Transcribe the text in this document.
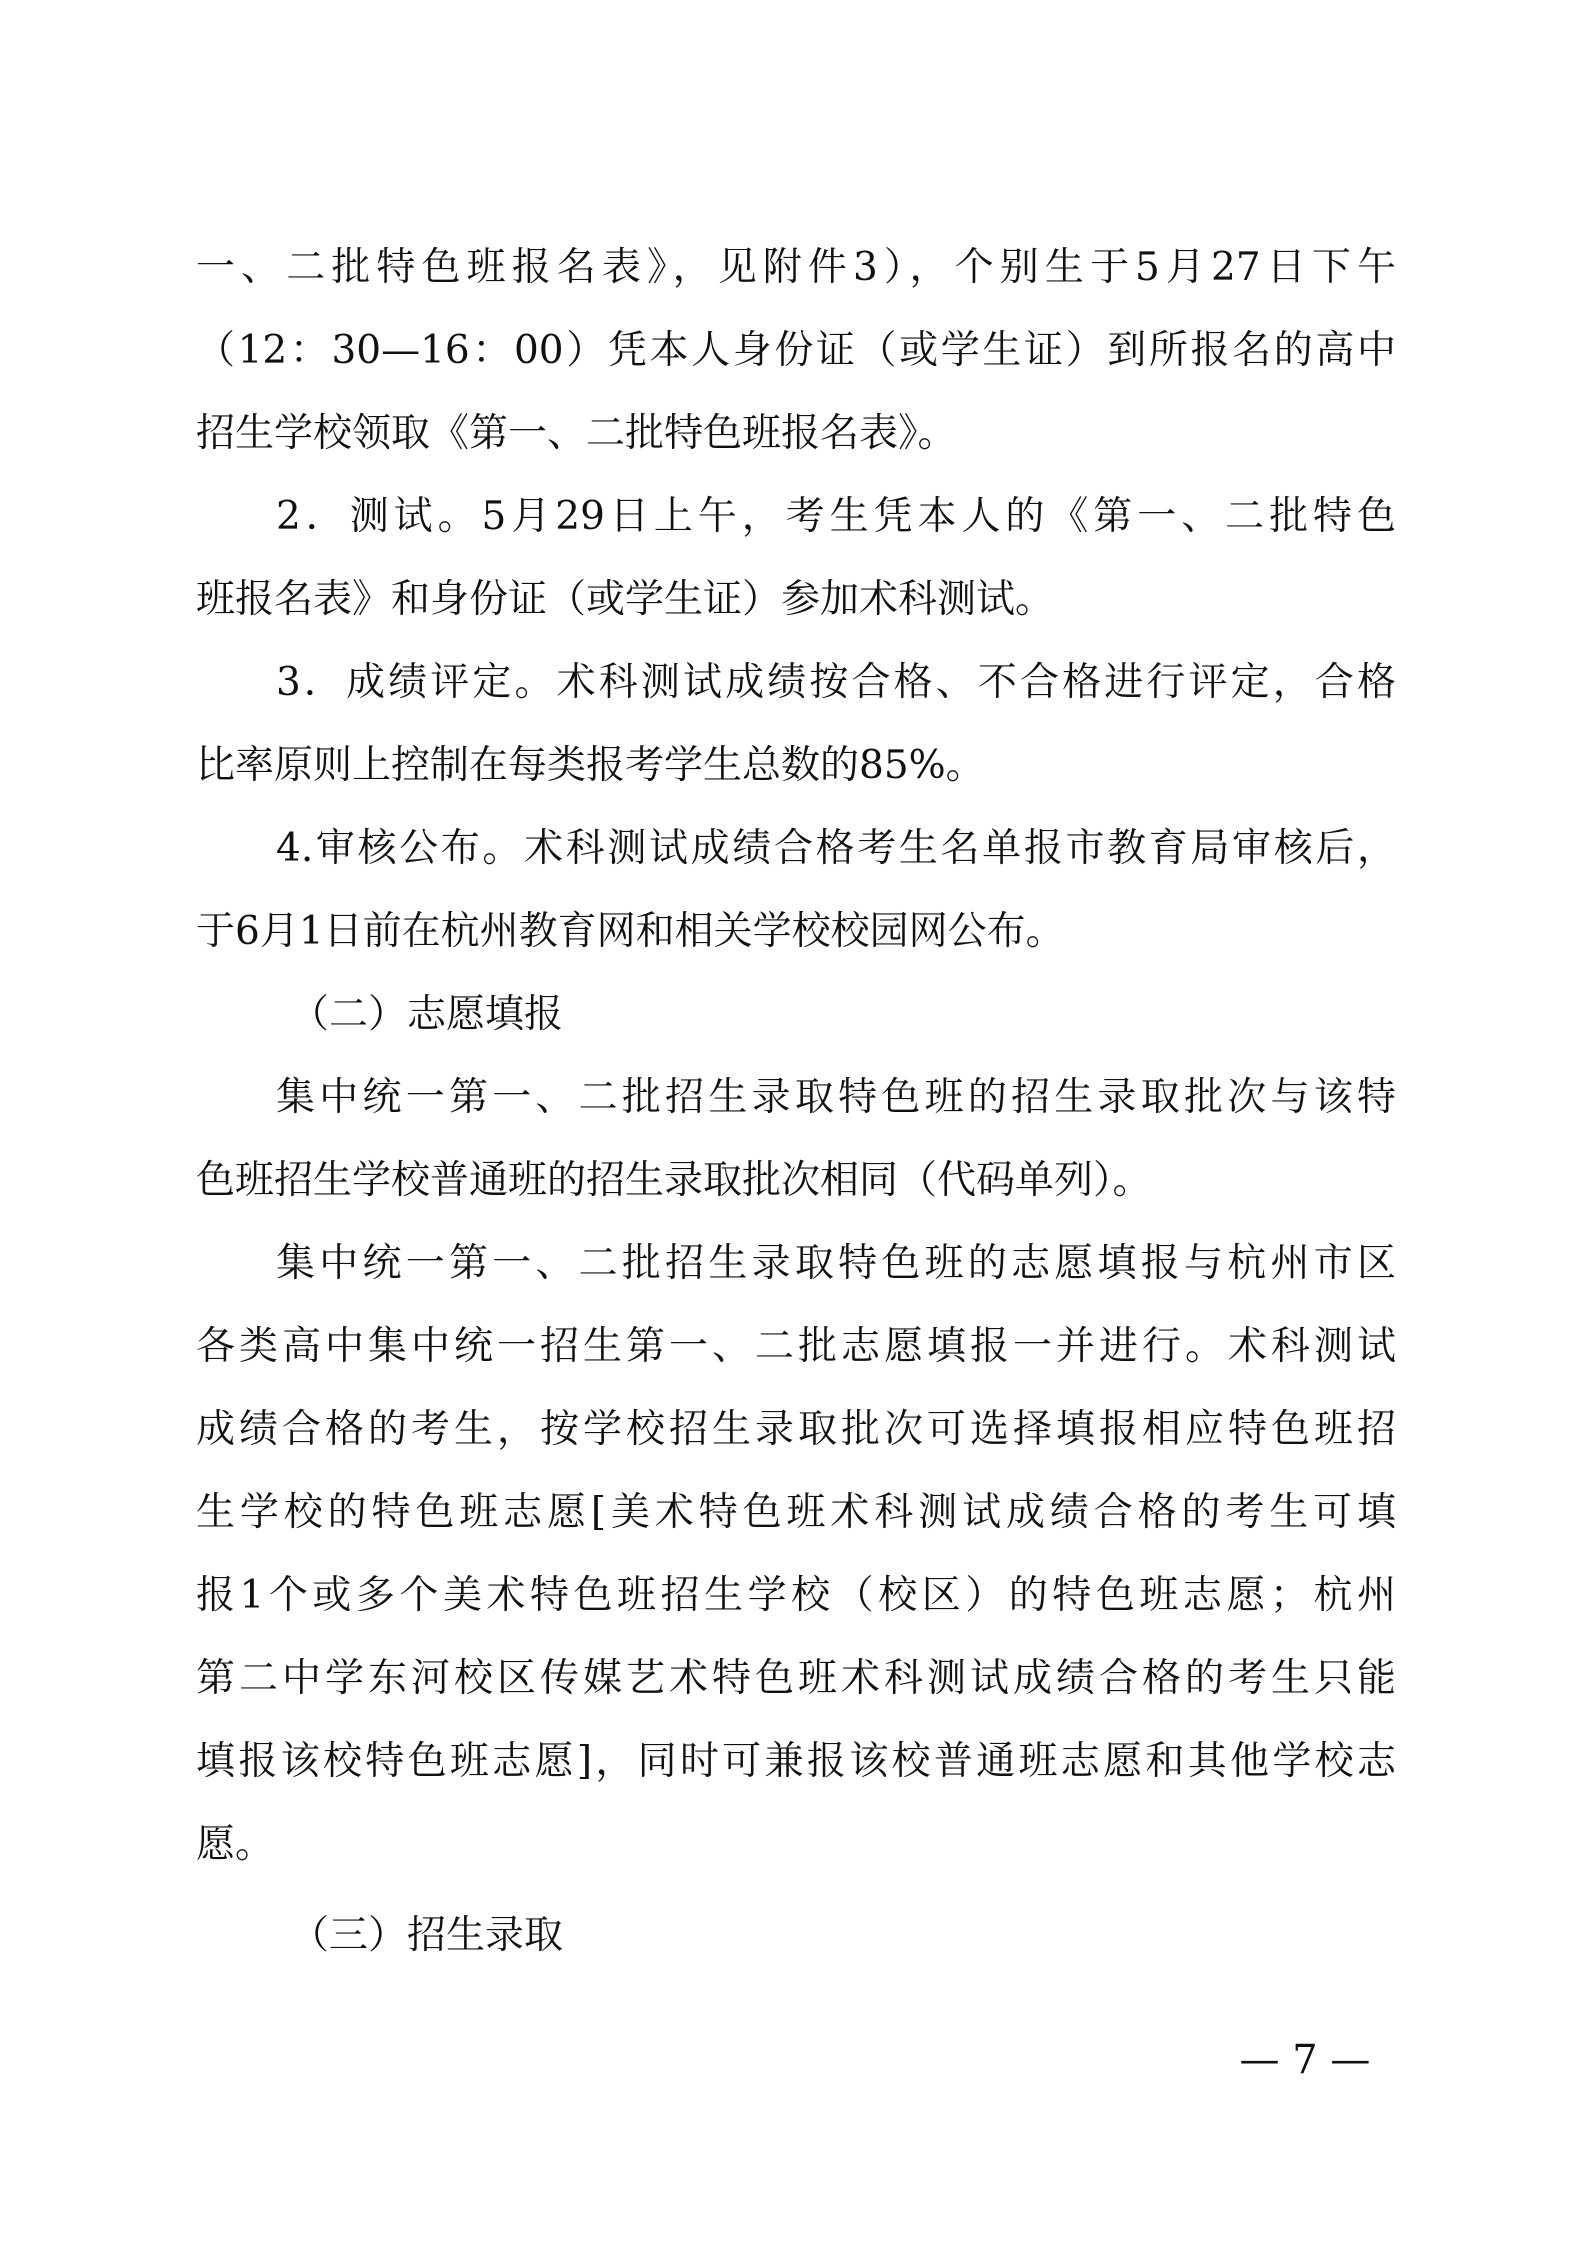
一、二批特色班报名表》，见附件3），个别生于5月27日下午
（12：30—16：00）凭本人身份证（或学生证）到所报名的高中
招生学校领取《第一、二批特色班报名表》。
2．测试。5月29日上午，考生凭本人的《第一、二批特色
班报名表》和身份证（或学生证）参加术科测试。
3．成绩评定。术科测试成绩按合格、不合格进行评定，合格
比率原则上控制在每类报考学生总数的85%。
4.审核公布。术科测试成绩合格考生名单报市教育局审核后，
于6月1日前在杭州教育网和相关学校校园网公布。
（二）志愿填报
集中统一第一、二批招生录取特色班的招生录取批次与该特
色班招生学校普通班的招生录取批次相同（代码单列）。
集中统一第一、二批招生录取特色班的志愿填报与杭州市区
各类高中集中统一招生第一、二批志愿填报一并进行。术科测试
成绩合格的考生，按学校招生录取批次可选择填报相应特色班招
生学校的特色班志愿[美术特色班术科测试成绩合格的考生可填
报1个或多个美术特色班招生学校（校区）的特色班志愿；杭州
第二中学东河校区传媒艺术特色班术科测试成绩合格的考生只能
填报该校特色班志愿]，同时可兼报该校普通班志愿和其他学校志
愿。
（三）招生录取
— 7 —
